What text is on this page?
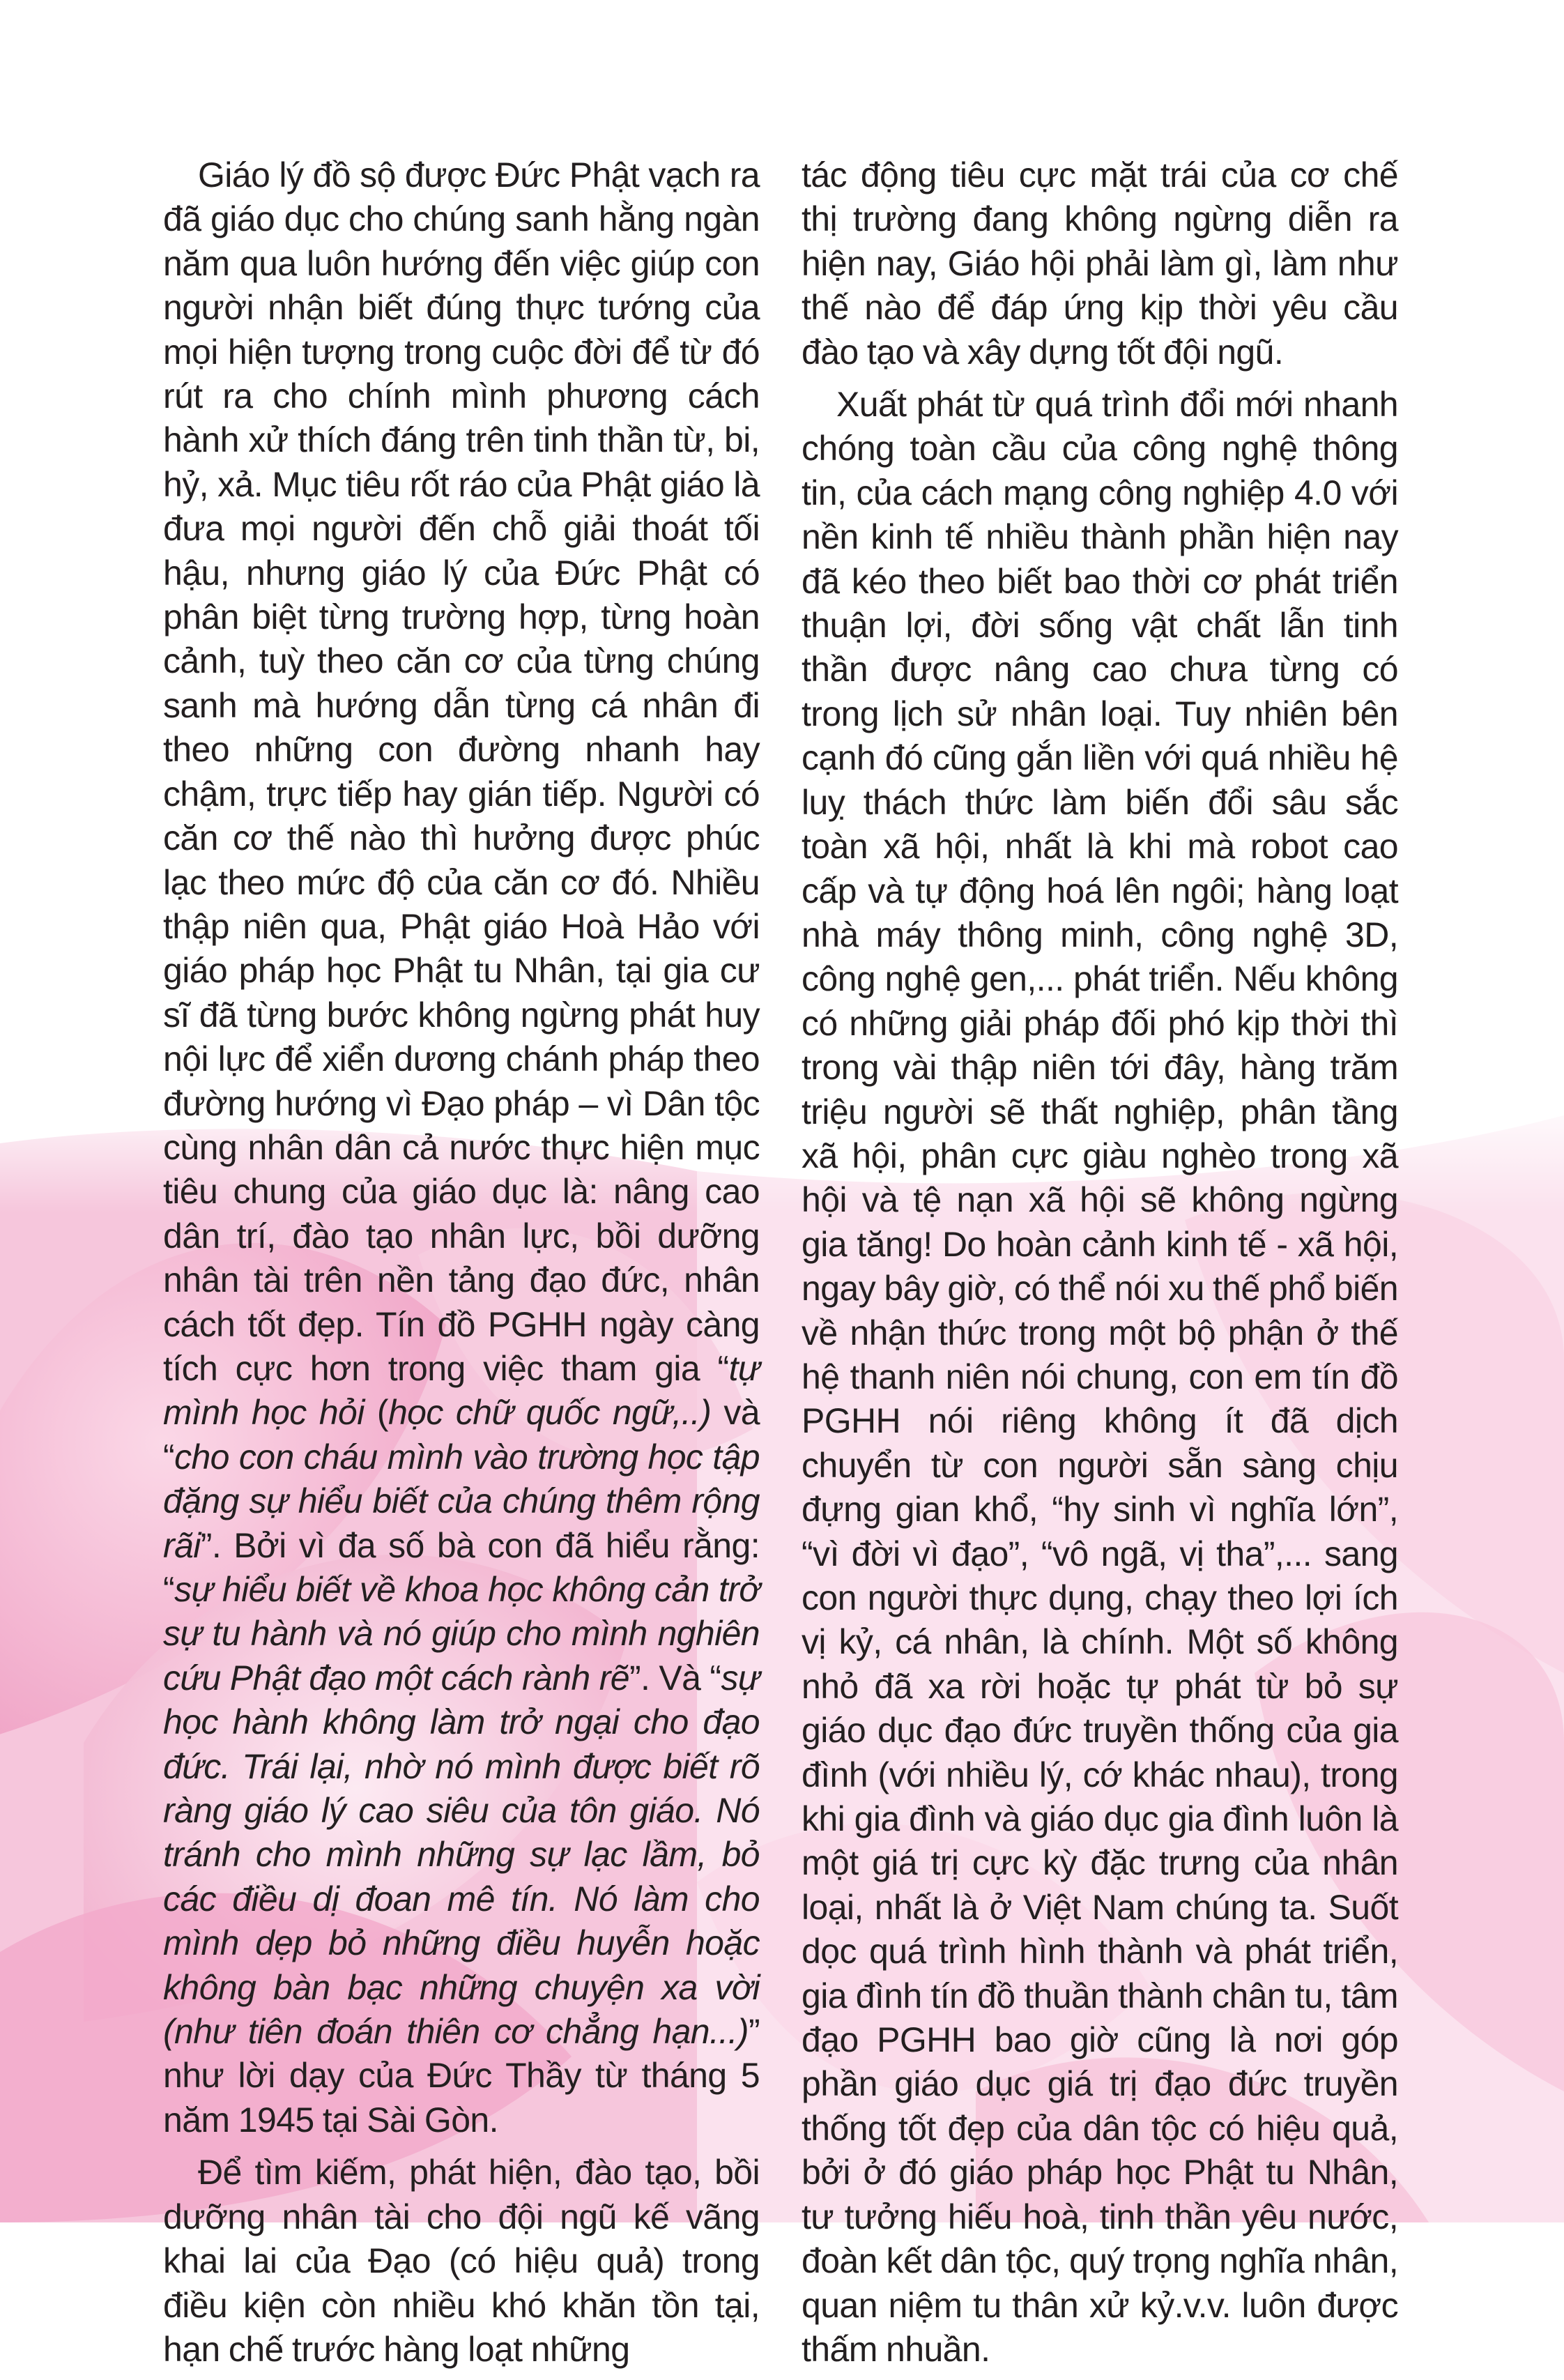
Giáo lý đồ sộ được Đức Phật vạch ra đã giáo dục cho chúng sanh hằng ngàn năm qua luôn hướng đến việc giúp con người nhận biết đúng thực tướng của mọi hiện tượng trong cuộc đời để từ đó rút ra cho chính mình phương cách hành xử thích đáng trên tinh thần từ, bi, hỷ, xả. Mục tiêu rốt ráo của Phật giáo là đưa mọi người đến chỗ giải thoát tối hậu, nhưng giáo lý của Đức Phật có phân biệt từng trường hợp, từng hoàn cảnh, tuỳ theo căn cơ của từng chúng sanh mà hướng dẫn từng cá nhân đi theo những con đường nhanh hay chậm, trực tiếp hay gián tiếp. Người có căn cơ thế nào thì hưởng được phúc lạc theo mức độ của căn cơ đó. Nhiều thập niên qua, Phật giáo Hoà Hảo với giáo pháp học Phật tu Nhân, tại gia cư sĩ đã từng bước không ngừng phát huy nội lực để xiển dương chánh pháp theo đường hướng vì Đạo pháp – vì Dân tộc cùng nhân dân cả nước thực hiện mục tiêu chung của giáo dục là: nâng cao dân trí, đào tạo nhân lực, bồi dưỡng nhân tài trên nền tảng đạo đức, nhân cách tốt đẹp. Tín đồ PGHH ngày càng tích cực hơn trong việc tham gia “tự mình học hỏi (học chữ quốc ngữ,..) và “cho con cháu mình vào trường học tập đặng sự hiểu biết của chúng thêm rộng rãi”. Bởi vì đa số bà con đã hiểu rằng: “sự hiểu biết về khoa học không cản trở sự tu hành và nó giúp cho mình nghiên cứu Phật đạo một cách rành rẽ”. Và “sự học hành không làm trở ngại cho đạo đức. Trái lại, nhờ nó mình được biết rõ ràng giáo lý cao siêu của tôn giáo. Nó tránh cho mình những sự lạc lầm, bỏ các điều dị đoan mê tín. Nó làm cho mình dẹp bỏ những điều huyễn hoặc không bàn bạc những chuyện xa vời (như tiên đoán thiên cơ chẳng hạn...)” như lời dạy của Đức Thầy từ tháng 5 năm 1945 tại Sài Gòn.

Để tìm kiếm, phát hiện, đào tạo, bồi dưỡng nhân tài cho đội ngũ kế vãng khai lai của Đạo (có hiệu quả) trong điều kiện còn nhiều khó khăn tồn tại, hạn chế trước hàng loạt những

tác động tiêu cực mặt trái của cơ chế thị trường đang không ngừng diễn ra hiện nay, Giáo hội phải làm gì, làm như thế nào để đáp ứng kịp thời yêu cầu đào tạo và xây dựng tốt đội ngũ.

Xuất phát từ quá trình đổi mới nhanh chóng toàn cầu của công nghệ thông tin, của cách mạng công nghiệp 4.0 với nền kinh tế nhiều thành phần hiện nay đã kéo theo biết bao thời cơ phát triển thuận lợi, đời sống vật chất lẫn tinh thần được nâng cao chưa từng có trong lịch sử nhân loại. Tuy nhiên bên cạnh đó cũng gắn liền với quá nhiều hệ luỵ thách thức làm biến đổi sâu sắc toàn xã hội, nhất là khi mà robot cao cấp và tự động hoá lên ngôi; hàng loạt nhà máy thông minh, công nghệ 3D, công nghệ gen,... phát triển. Nếu không có những giải pháp đối phó kịp thời thì trong vài thập niên tới đây, hàng trăm triệu người sẽ thất nghiệp, phân tầng xã hội, phân cực giàu nghèo trong xã hội và tệ nạn xã hội sẽ không ngừng gia tăng! Do hoàn cảnh kinh tế - xã hội, ngay bây giờ, có thể nói xu thế phổ biến về nhận thức trong một bộ phận ở thế hệ thanh niên nói chung, con em tín đồ PGHH nói riêng không ít đã dịch chuyển từ con người sẵn sàng chịu đựng gian khổ, “hy sinh vì nghĩa lớn”, “vì đời vì đạo”, “vô ngã, vị tha”,... sang con người thực dụng, chạy theo lợi ích vị kỷ, cá nhân, là chính. Một số không nhỏ đã xa rời hoặc tự phát từ bỏ sự giáo dục đạo đức truyền thống của gia đình (với nhiều lý, cớ khác nhau), trong khi gia đình và giáo dục gia đình luôn là một giá trị cực kỳ đặc trưng của nhân loại, nhất là ở Việt Nam chúng ta. Suốt dọc quá trình hình thành và phát triển, gia đình tín đồ thuần thành chân tu, tâm đạo PGHH bao giờ cũng là nơi góp phần giáo dục giá trị đạo đức truyền thống tốt đẹp của dân tộc có hiệu quả, bởi ở đó giáo pháp học Phật tu Nhân, tư tưởng hiếu hoà, tinh thần yêu nước, đoàn kết dân tộc, quý trọng nghĩa nhân, quan niệm tu thân xử kỷ.v.v. luôn được thấm nhuần.
